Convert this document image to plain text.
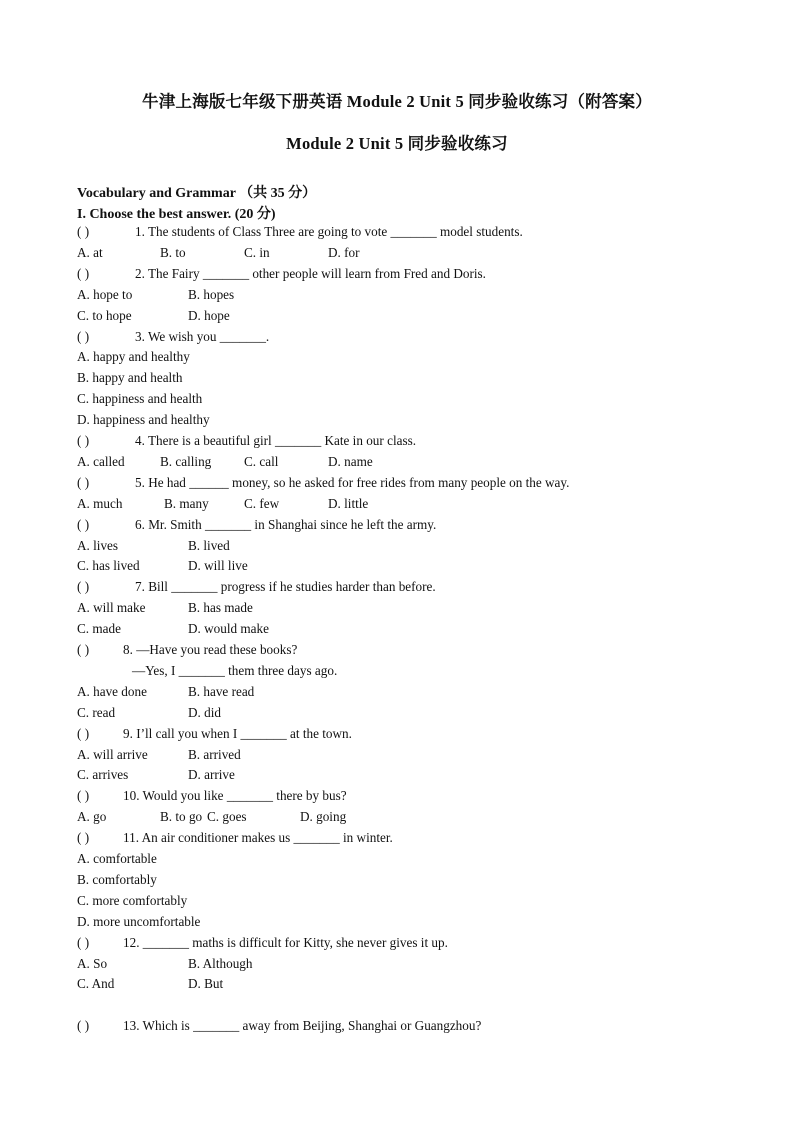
牛津上海版七年级下册英语 Module 2 Unit 5 同步验收练习（附答案）
Module 2 Unit 5 同步验收练习
Vocabulary and Grammar （共 35 分）
I. Choose the best answer. (20 分)
( )	1. The students of Class Three are going to vote _______ model students.
A. at	B. to	C. in	D. for
( )	2. The Fairy _______ other people will learn from Fred and Doris.
A. hope to	B. hopes
C. to hope	D. hope
( )	3. We wish you _______.
A. happy and healthy
B. happy and health
C. happiness and health
D. happiness and healthy
( )	4. There is a beautiful girl _______ Kate in our class.
A. called	B. calling C. call	D. name
( )	5. He had ______ money, so he asked for free rides from many people on the way.
A. much	B. many	C. few	D. little
( )	6. Mr. Smith _______ in Shanghai since he left the army.
A. lives	B. lived
C. has lived	D. will live
( )	7. Bill _______ progress if he studies harder than before.
A. will make	B. has made
C. made	D. would make
( )	8. —Have you read these books?
—Yes, I _______ them three days ago.
A. have done	B. have read
C. read	D. did
( )	9. I’ll call you when I _______ at the town.
A. will arrive	B. arrived
C. arrives	D. arrive
( )	10. Would you like _______ there by bus?
A. go	B. to go C. goes	D. going
( )	11. An air conditioner makes us _______ in winter.
A. comfortable
B. comfortably
C. more comfortably
D. more uncomfortable
( )	12. _______ maths is difficult for Kitty, she never gives it up.
A. So	B. Although
C. And	D. But
( )	13. Which is _______ away from Beijing, Shanghai or Guangzhou?
